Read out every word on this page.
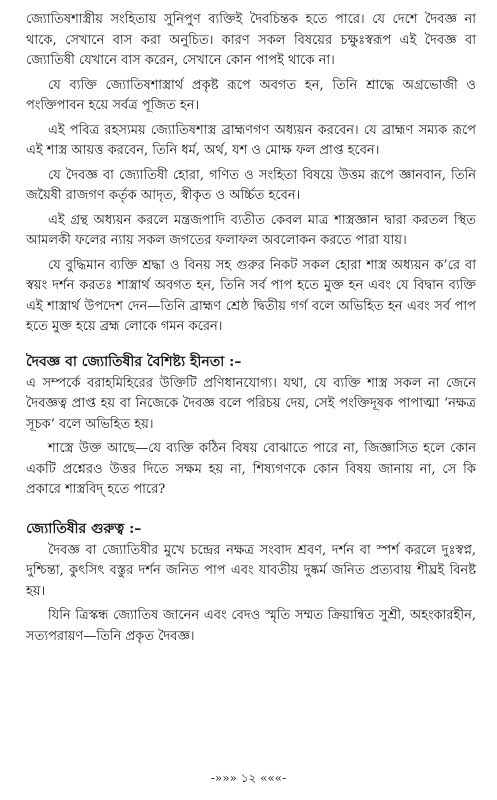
জ্যোতিষশাস্ত্রীয় সংহিতায় সুনিপুণ ব্যক্তিই দৈবচিন্তক হতে পারে। যে দেশে দৈবজ্ঞ না থাকে, সেখানে বাস করা অনুচিত। কারণ সকল বিষয়ের চক্ষুঃস্বরূপ এই দৈবজ্ঞ বা জ্যোতিষী যেখানে বাস করেন, সেখানে কোন পাপই থাকে না।

যে ব্যক্তি জ্যোতিষশাস্ত্রার্থ প্রকৃষ্ট রূপে অবগত হন, তিনি শ্রাদ্ধে অগ্রভোজী ও পংক্তিপাবন হয়ে সর্বত্র পূজিত হন।

এই পবিত্র রহস্যময় জ্যোতিষশাস্ত্র ব্রাহ্মণগণ অধ্যয়ন করবেন। যে ব্রাহ্মণ সম্যক রূপে এই শাস্ত্র আয়ত্ত করবেন, তিনি ধর্ম, অর্থ, যশ ও মোক্ষ ফল প্রাপ্ত হবেন।

যে দৈবজ্ঞ বা জ্যোতিষী হোরা, গণিত ও সংহিতা বিষয়ে উত্তম রূপে জ্ঞানবান, তিনি জয়ৈষী রাজগণ কর্তৃক আদৃত, স্বীকৃত ও অর্চ্চিত হবেন।

এই গ্রন্থ অধ্যয়ন করলে মন্ত্রজপাদি ব্যতীত কেবল মাত্র শাস্ত্রজ্ঞান দ্বারা করতল স্থিত আমলকী ফলের ন্যায় সকল জগতের ফলাফল অবলোকন করতে পারা যায়।

যে বুদ্ধিমান ব্যক্তি শ্রদ্ধা ও বিনয় সহ গুরুর নিকট সকল হোরা শাস্ত্র অধ্যয়ন ক’রে বা স্বয়ং দর্শন করতঃ শাস্ত্রার্থ অবগত হন, তিনি সর্ব পাপ হতে মুক্ত হন এবং যে বিদ্বান ব্যক্তি এই শাস্ত্রার্থ উপদেশ দেন—তিনি ব্রাহ্মণ শ্রেষ্ঠ দ্বিতীয় গর্গ বলে অভিহিত হন এবং সর্ব পাপ হতে মুক্ত হয়ে ব্রহ্ম লোকে গমন করেন।

দৈবজ্ঞ বা জ্যোতিষীর বৈশিষ্ট্য হীনতা :–

এ সম্পর্কে বরাহমিহিরের উক্তিটি প্রণিধানযোগ্য। যথা, যে ব্যক্তি শাস্ত্র সকল না জেনে দৈবজ্ঞত্ব প্রাপ্ত হয় বা নিজেকে দৈবজ্ঞ বলে পরিচয় দেয়, সেই পংক্তিদূষক পাপাত্মা ‘নক্ষত্র সূচক’ বলে অভিহিত হয়।

শাস্ত্রে উক্ত আছে—যে ব্যক্তি কঠিন বিষয় বোঝাতে পারে না, জিজ্ঞাসিত হলে কোন একটি প্রশ্নেরও উত্তর দিতে সক্ষম হয় না, শিষ্যগণকে কোন বিষয় জানায় না, সে কি প্রকারে শাস্ত্রবিদ্‌ হতে পারে?

জ্যোতিষীর গুরুত্ব :–

দৈবজ্ঞ বা জ্যোতিষীর মুখে চন্দ্রের নক্ষত্র সংবাদ শ্রবণ, দর্শন বা স্পর্শ করলে দুঃস্বপ্ন, দুশ্চিন্তা, কুৎসিৎ বস্তুর দর্শন জনিত পাপ এবং যাবতীয় দুষ্কর্ম জনিত প্রত্যবায় শীঘ্রই বিনষ্ট হয়।

যিনি ত্রিস্কন্ধ জ্যোতিষ জানেন এবং বেদও স্মৃতি সম্মত ক্রিয়ান্বিত সুশ্রী, অহংকারহীন, সত্যপরায়ণ—তিনি প্রকৃত দৈবজ্ঞ।

-»»» ১২ «««-
